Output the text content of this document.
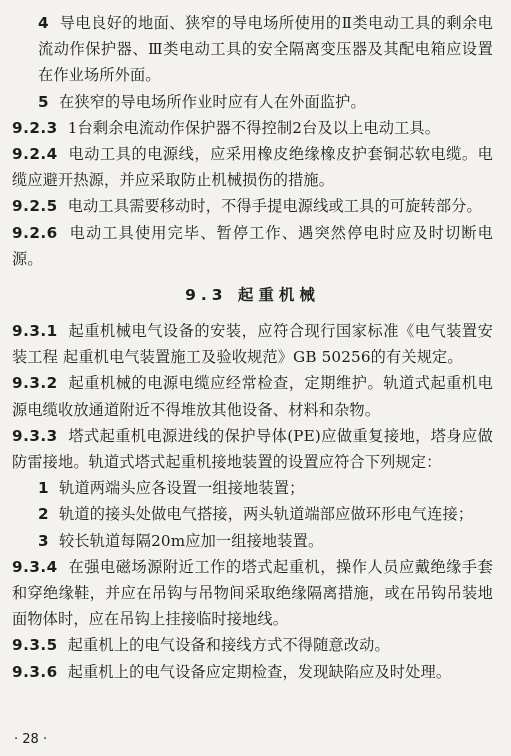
4 导电良好的地面、狭窄的导电场所使用的Ⅱ类电动工具的剩余电流动作保护器、Ⅲ类电动工具的安全隔离变压器及其配电箱应设置在作业场所外面。

5 在狭窄的导电场所作业时应有人在外面监护。

9.2.3 1台剩余电流动作保护器不得控制2台及以上电动工具。

9.2.4 电动工具的电源线，应采用橡皮绝缘橡皮护套铜芯软电缆。电缆应避开热源，并应采取防止机械损伤的措施。

9.2.5 电动工具需要移动时，不得手提电源线或工具的可旋转部分。

9.2.6 电动工具使用完毕、暂停工作、遇突然停电时应及时切断电源。

9.3 起重机械

9.3.1 起重机械电气设备的安装，应符合现行国家标准《电气装置安装工程 起重机电气装置施工及验收规范》GB 50256的有关规定。

9.3.2 起重机械的电源电缆应经常检查，定期维护。轨道式起重机电源电缆收放通道附近不得堆放其他设备、材料和杂物。

9.3.3 塔式起重机电源进线的保护导体(PE)应做重复接地，塔身应做防雷接地。轨道式塔式起重机接地装置的设置应符合下列规定：

1 轨道两端头应各设置一组接地装置；

2 轨道的接头处做电气搭接，两头轨道端部应做环形电气连接；

3 较长轨道每隔20m应加一组接地装置。

9.3.4 在强电磁场源附近工作的塔式起重机，操作人员应戴绝缘手套和穿绝缘鞋，并应在吊钩与吊物间采取绝缘隔离措施，或在吊钩吊装地面物体时，应在吊钩上挂接临时接地线。

9.3.5 起重机上的电气设备和接线方式不得随意改动。

9.3.6 起重机上的电气设备应定期检查，发现缺陷应及时处理。

· 28 ·
